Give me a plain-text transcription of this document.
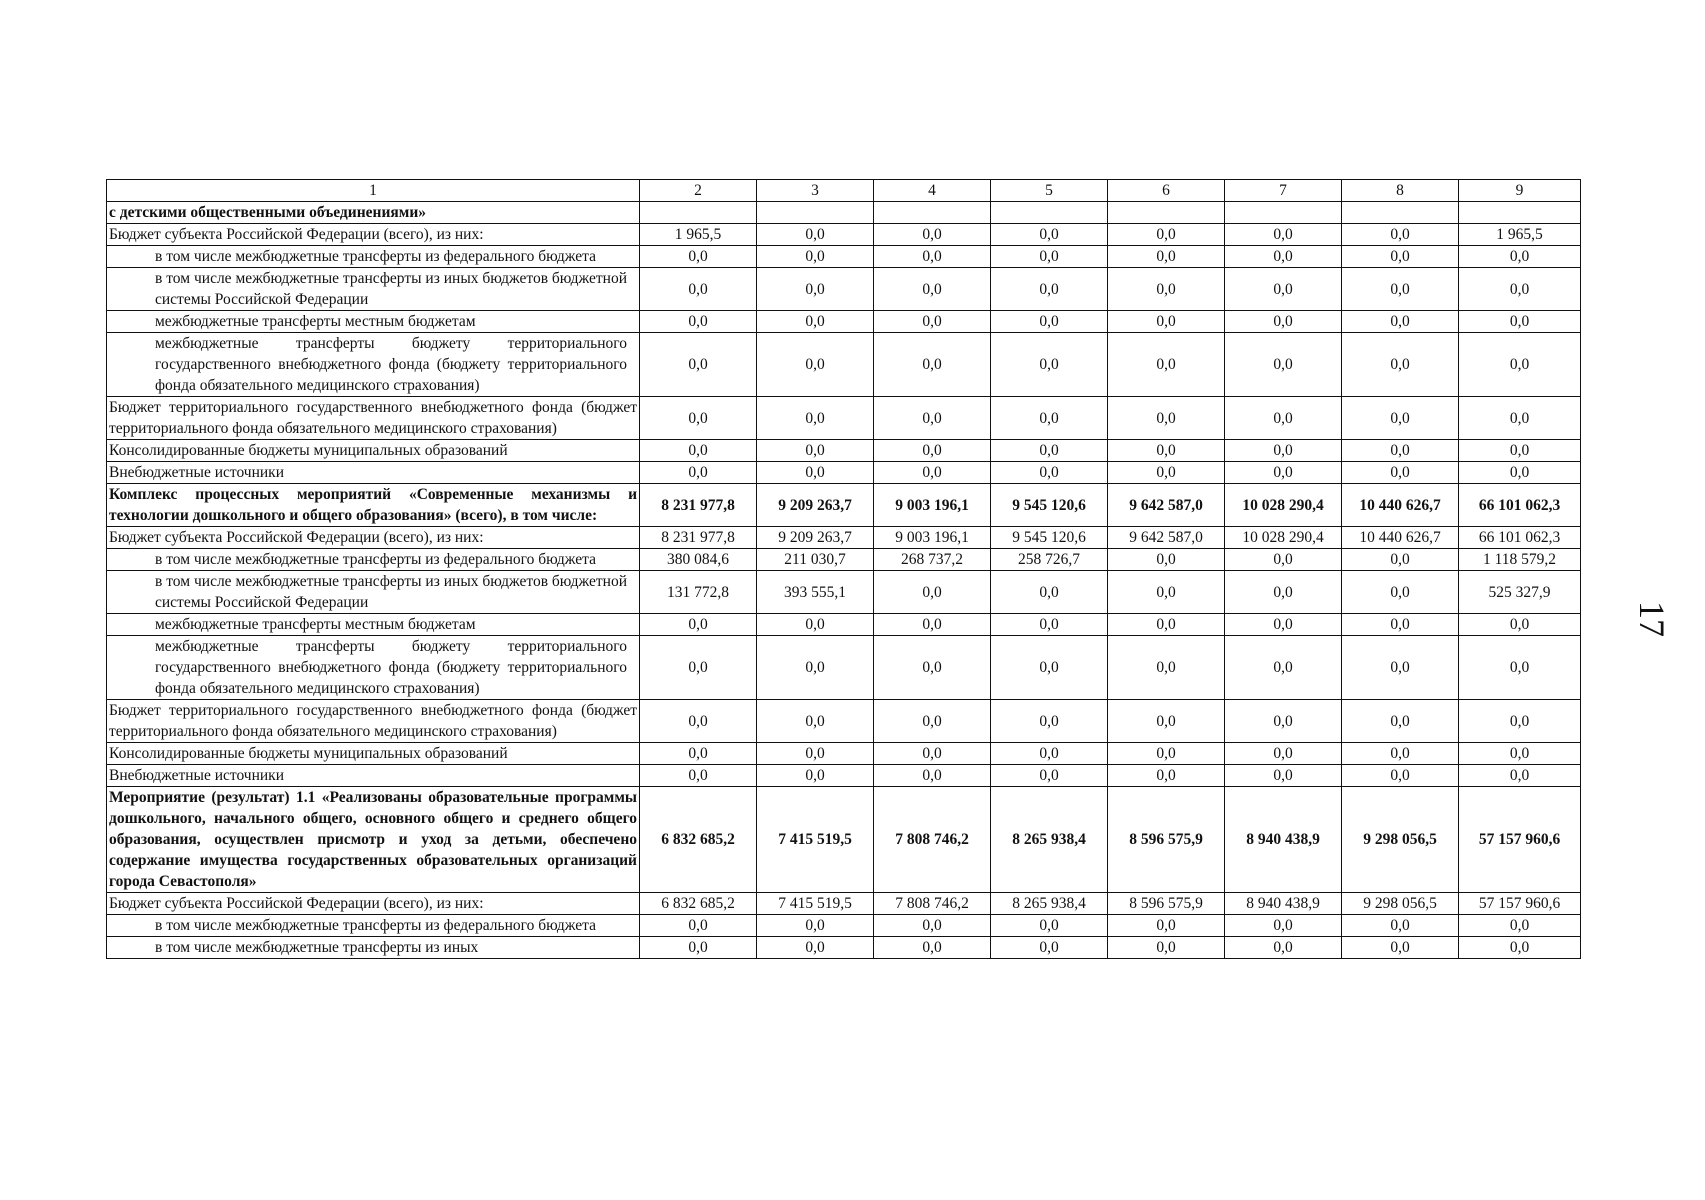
1	2	3	4	5	6	7	8	9
с детскими общественными объединениями»								
Бюджет субъекта Российской Федерации (всего), из них:	1 965,5	0,0	0,0	0,0	0,0	0,0	0,0	1 965,5
в том числе межбюджетные трансферты из федерального бюджета	0,0	0,0	0,0	0,0	0,0	0,0	0,0	0,0
в том числе межбюджетные трансферты из иных бюджетов бюджетной системы Российской Федерации	0,0	0,0	0,0	0,0	0,0	0,0	0,0	0,0
межбюджетные трансферты местным бюджетам	0,0	0,0	0,0	0,0	0,0	0,0	0,0	0,0
межбюджетные трансферты бюджету территориального государственного внебюджетного фонда (бюджету территориального фонда обязательного медицинского страхования)	0,0	0,0	0,0	0,0	0,0	0,0	0,0	0,0
Бюджет территориального государственного внебюджетного фонда (бюджет территориального фонда обязательного медицинского страхования)	0,0	0,0	0,0	0,0	0,0	0,0	0,0	0,0
Консолидированные бюджеты муниципальных образований	0,0	0,0	0,0	0,0	0,0	0,0	0,0	0,0
Внебюджетные источники	0,0	0,0	0,0	0,0	0,0	0,0	0,0	0,0
Комплекс процессных мероприятий «Современные механизмы и технологии дошкольного и общего образования» (всего), в том числе:	8 231 977,8	9 209 263,7	9 003 196,1	9 545 120,6	9 642 587,0	10 028 290,4	10 440 626,7	66 101 062,3
Бюджет субъекта Российской Федерации (всего), из них:	8 231 977,8	9 209 263,7	9 003 196,1	9 545 120,6	9 642 587,0	10 028 290,4	10 440 626,7	66 101 062,3
в том числе межбюджетные трансферты из федерального бюджета	380 084,6	211 030,7	268 737,2	258 726,7	0,0	0,0	0,0	1 118 579,2
в том числе межбюджетные трансферты из иных бюджетов бюджетной системы Российской Федерации	131 772,8	393 555,1	0,0	0,0	0,0	0,0	0,0	525 327,9
межбюджетные трансферты местным бюджетам	0,0	0,0	0,0	0,0	0,0	0,0	0,0	0,0
межбюджетные трансферты бюджету территориального государственного внебюджетного фонда (бюджету территориального фонда обязательного медицинского страхования)	0,0	0,0	0,0	0,0	0,0	0,0	0,0	0,0
Бюджет территориального государственного внебюджетного фонда (бюджет территориального фонда обязательного медицинского страхования)	0,0	0,0	0,0	0,0	0,0	0,0	0,0	0,0
Консолидированные бюджеты муниципальных образований	0,0	0,0	0,0	0,0	0,0	0,0	0,0	0,0
Внебюджетные источники	0,0	0,0	0,0	0,0	0,0	0,0	0,0	0,0
Мероприятие (результат) 1.1 «Реализованы образовательные программы дошкольного, начального общего, основного общего и среднего общего образования, осуществлен присмотр и уход за детьми, обеспечено содержание имущества государственных образовательных организаций города Севастополя»	6 832 685,2	7 415 519,5	7 808 746,2	8 265 938,4	8 596 575,9	8 940 438,9	9 298 056,5	57 157 960,6
Бюджет субъекта Российской Федерации (всего), из них:	6 832 685,2	7 415 519,5	7 808 746,2	8 265 938,4	8 596 575,9	8 940 438,9	9 298 056,5	57 157 960,6
в том числе межбюджетные трансферты из федерального бюджета	0,0	0,0	0,0	0,0	0,0	0,0	0,0	0,0
в том числе межбюджетные трансферты из иных	0,0	0,0	0,0	0,0	0,0	0,0	0,0	0,0
17
